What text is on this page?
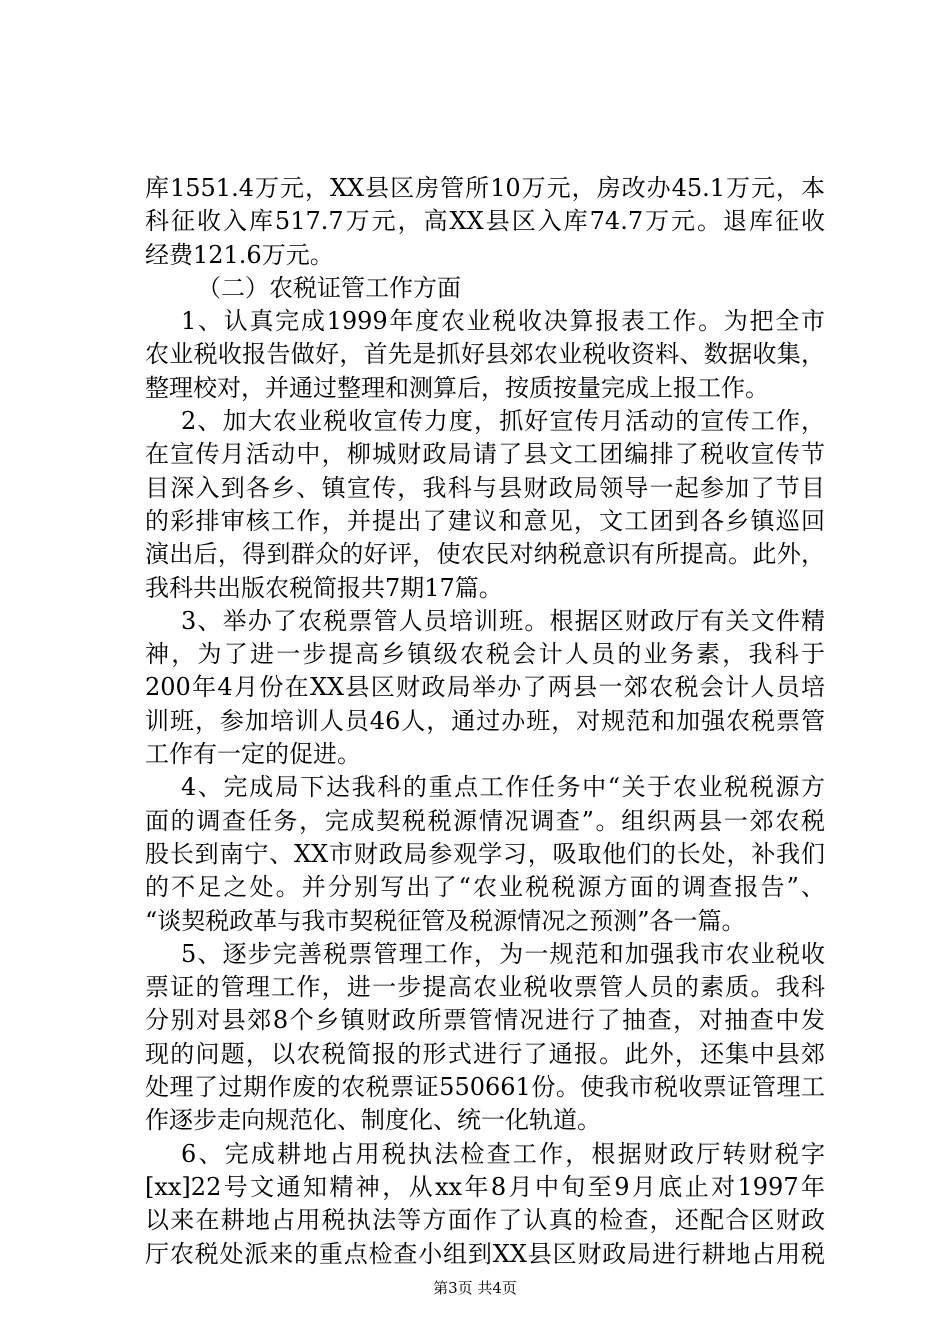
库1551.4万元，XX县区房管所10万元，房改办45.1万元，本
科征收入库517.7万元，高XX县区入库74.7万元。退库征收
经费121.6万元。
（二）农税证管工作方面
1、认真完成1999年度农业税收决算报表工作。为把全市
农业税收报告做好，首先是抓好县郊农业税收资料、数据收集，
整理校对，并通过整理和测算后，按质按量完成上报工作。
2、加大农业税收宣传力度，抓好宣传月活动的宣传工作，
在宣传月活动中，柳城财政局请了县文工团编排了税收宣传节
目深入到各乡、镇宣传，我科与县财政局领导一起参加了节目
的彩排审核工作，并提出了建议和意见，文工团到各乡镇巡回
演出后，得到群众的好评，使农民对纳税意识有所提高。此外，
我科共出版农税简报共7期17篇。
3、举办了农税票管人员培训班。根据区财政厅有关文件精
神，为了进一步提高乡镇级农税会计人员的业务素，我科于
200年4月份在XX县区财政局举办了两县一郊农税会计人员培
训班，参加培训人员46人，通过办班，对规范和加强农税票管
工作有一定的促进。
4、完成局下达我科的重点工作任务中“关于农业税税源方
面的调查任务，完成契税税源情况调查”。组织两县一郊农税
股长到南宁、XX市财政局参观学习，吸取他们的长处，补我们
的不足之处。并分别写出了“农业税税源方面的调查报告”、
“谈契税政革与我市契税征管及税源情况之预测”各一篇。
5、逐步完善税票管理工作，为一规范和加强我市农业税收
票证的管理工作，进一步提高农业税收票管人员的素质。我科
分别对县郊8个乡镇财政所票管情况进行了抽查，对抽查中发
现的问题，以农税简报的形式进行了通报。此外，还集中县郊
处理了过期作废的农税票证550661份。使我市税收票证管理工
作逐步走向规范化、制度化、统一化轨道。
6、完成耕地占用税执法检查工作，根据财政厅转财税字
[xx]22号文通知精神，从xx年8月中旬至9月底止对1997年
以来在耕地占用税执法等方面作了认真的检查，还配合区财政
厅农税处派来的重点检查小组到XX县区财政局进行耕地占用税
第3页 共4页
